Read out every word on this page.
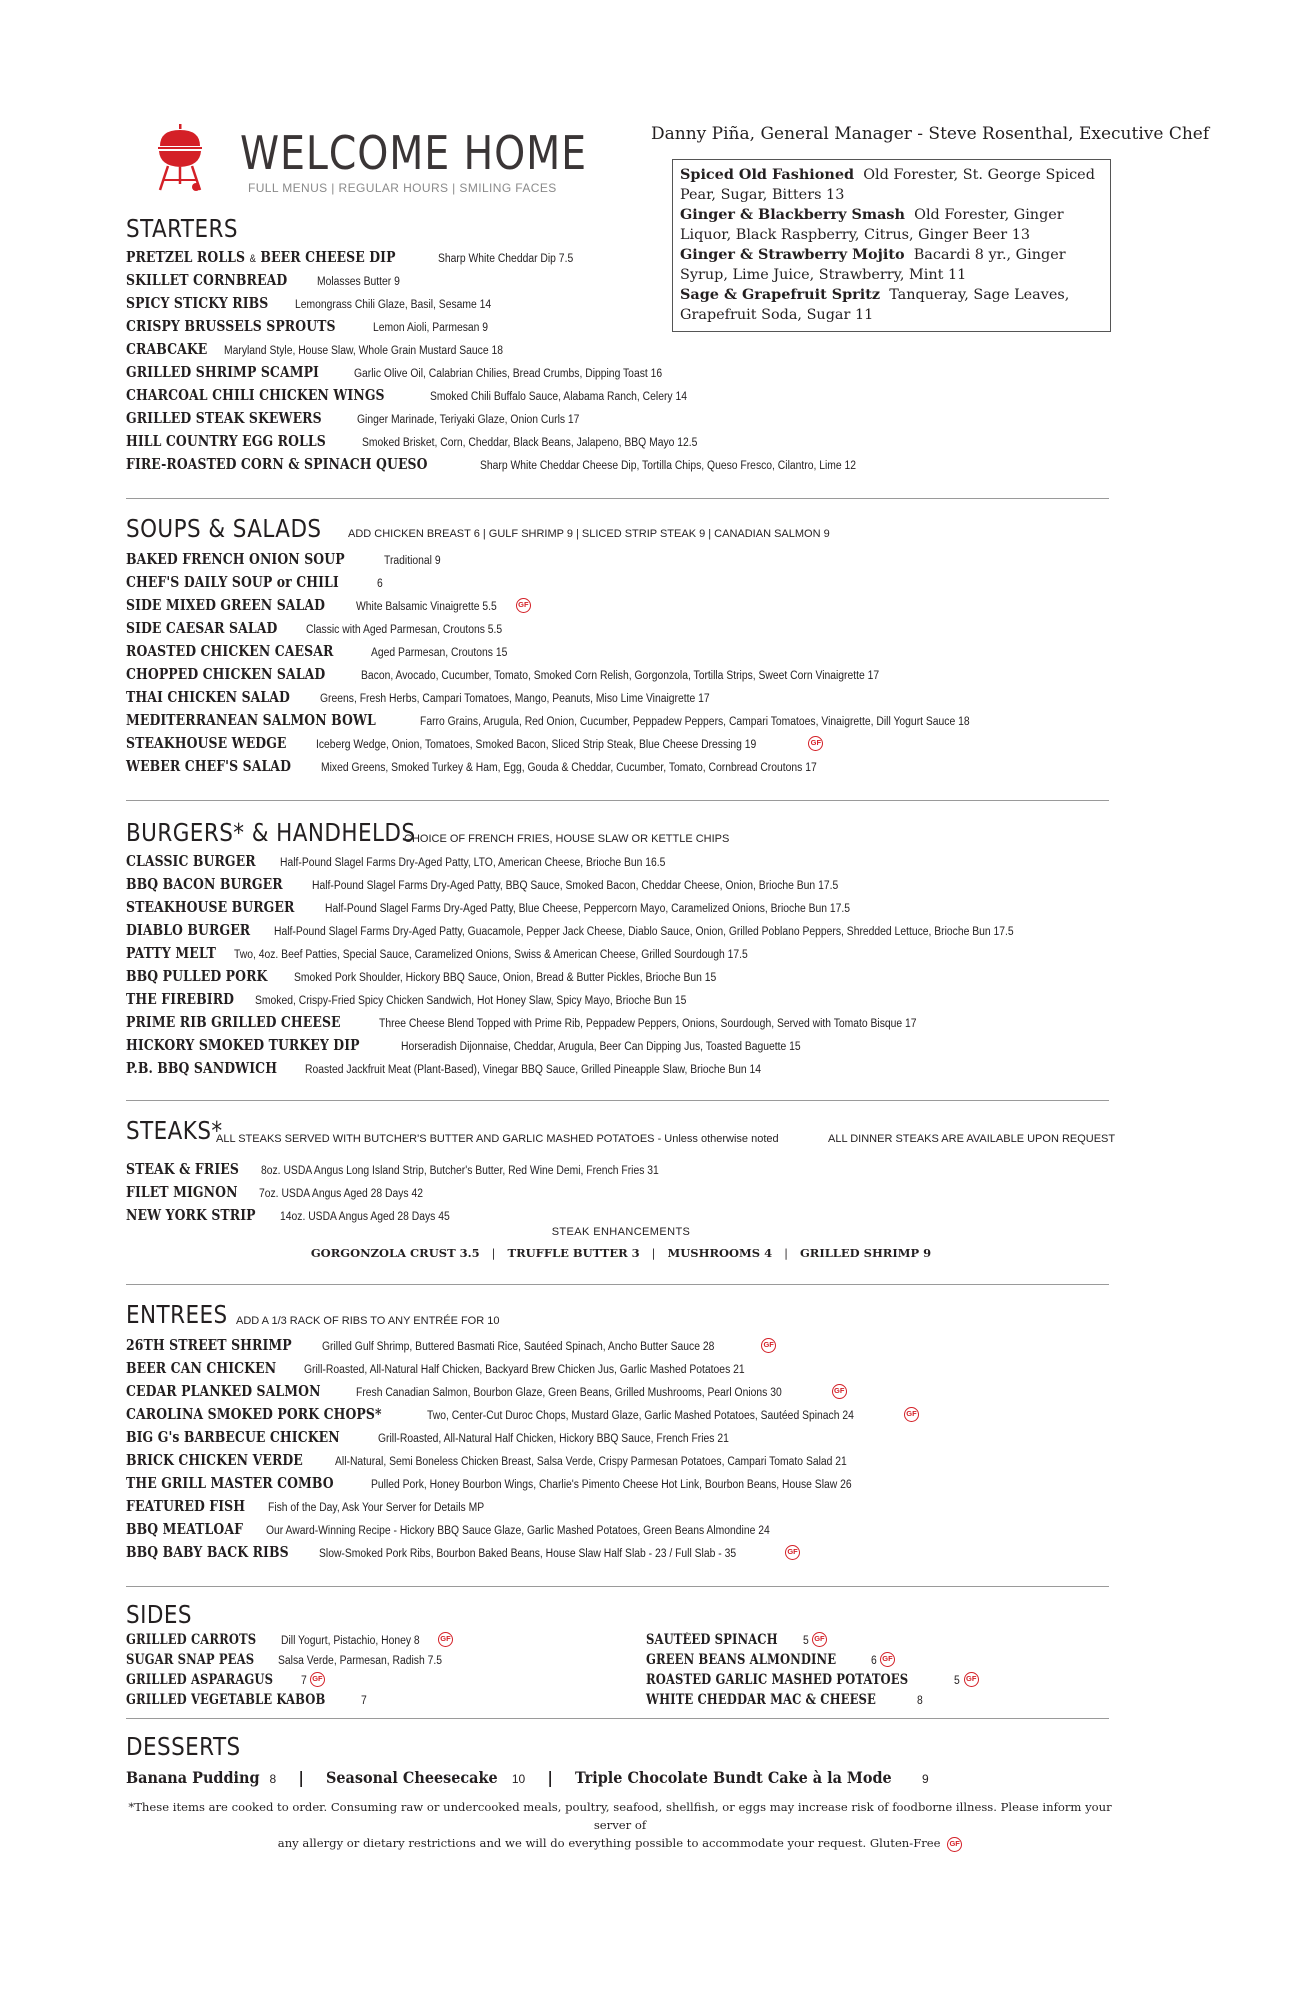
WELCOME HOME
FULL MENUS | REGULAR HOURS | SMILING FACES
Danny Piña, General Manager - Steve Rosenthal, Executive Chef
Spiced Old Fashioned Old Forester, St. George Spiced Pear, Sugar, Bitters 13
Ginger & Blackberry Smash Old Forester, Ginger Liquor, Black Raspberry, Citrus, Ginger Beer 13
Ginger & Strawberry Mojito Bacardi 8 yr., Ginger Syrup, Lime Juice, Strawberry, Mint 11
Sage & Grapefruit Spritz Tanqueray, Sage Leaves, Grapefruit Soda, Sugar 11
STARTERS
PRETZEL ROLLS & BEER CHEESE DIP	Sharp White Cheddar Dip 7.5
SKILLET CORNBREAD	Molasses Butter 9
SPICY STICKY RIBS Lemongrass Chili Glaze, Basil, Sesame 14
CRISPY BRUSSELS SPROUTS	Lemon Aioli, Parmesan 9
CRABCAKE Maryland Style, House Slaw, Whole Grain Mustard Sauce 18
GRILLED SHRIMP SCAMPI	Garlic Olive Oil, Calabrian Chilies, Bread Crumbs, Dipping Toast 16
CHARCOAL CHILI CHICKEN WINGS	Smoked Chili Buffalo Sauce, Alabama Ranch, Celery 14
GRILLED STEAK SKEWERS	Ginger Marinade, Teriyaki Glaze, Onion Curls 17
HILL COUNTRY EGG ROLLS	Smoked Brisket, Corn, Cheddar, Black Beans, Jalapeno, BBQ Mayo 12.5
FIRE-ROASTED CORN & SPINACH QUESO	Sharp White Cheddar Cheese Dip, Tortilla Chips, Queso Fresco, Cilantro, Lime 12
SOUPS & SALADS ADD CHICKEN BREAST 6 | GULF SHRIMP 9 | SLICED STRIP STEAK 9 | CANADIAN SALMON 9
BAKED FRENCH ONION SOUP	Traditional 9
CHEF'S DAILY SOUP or CHILI	6
SIDE MIXED GREEN SALAD	White Balsamic Vinaigrette 5.5	GF
SIDE CAESAR SALAD Classic with Aged Parmesan, Croutons 5.5
ROASTED CHICKEN CAESAR	Aged Parmesan, Croutons 15
CHOPPED CHICKEN SALAD	Bacon, Avocado, Cucumber, Tomato, Smoked Corn Relish, Gorgonzola, Tortilla Strips, Sweet Corn Vinaigrette 17
THAI CHICKEN SALAD	Greens, Fresh Herbs, Campari Tomatoes, Mango, Peanuts, Miso Lime Vinaigrette 17
MEDITERRANEAN SALMON BOWL	Farro Grains, Arugula, Red Onion, Cucumber, Peppadew Peppers, Campari Tomatoes, Vinaigrette, Dill Yogurt Sauce 18
STEAKHOUSE WEDGE	Iceberg Wedge, Onion, Tomatoes, Smoked Bacon, Sliced Strip Steak, Blue Cheese Dressing 19	GF
WEBER CHEF'S SALAD	Mixed Greens, Smoked Turkey & Ham, Egg, Gouda & Cheddar, Cucumber, Tomato, Cornbread Croutons 17
BURGERS* & HANDHELDS
CHOICE OF FRENCH FRIES, HOUSE SLAW OR KETTLE CHIPS
CLASSIC BURGER Half-Pound Slagel Farms Dry-Aged Patty, LTO, American Cheese, Brioche Bun 16.5
BBQ BACON BURGER	Half-Pound Slagel Farms Dry-Aged Patty, BBQ Sauce, Smoked Bacon, Cheddar Cheese, Onion, Brioche Bun 17.5
STEAKHOUSE BURGER	Half-Pound Slagel Farms Dry-Aged Patty, Blue Cheese, Peppercorn Mayo, Caramelized Onions, Brioche Bun 17.5
DIABLO BURGER Half-Pound Slagel Farms Dry-Aged Patty, Guacamole, Pepper Jack Cheese, Diablo Sauce, Onion, Grilled Poblano Peppers, Shredded Lettuce, Brioche Bun 17.5
PATTY MELT Two, 4oz. Beef Patties, Special Sauce, Caramelized Onions, Swiss & American Cheese, Grilled Sourdough 17.5
BBQ PULLED PORK Smoked Pork Shoulder, Hickory BBQ Sauce, Onion, Bread & Butter Pickles, Brioche Bun 15
THE FIREBIRD Smoked, Crispy-Fried Spicy Chicken Sandwich, Hot Honey Slaw, Spicy Mayo, Brioche Bun 15
PRIME RIB GRILLED CHEESE	Three Cheese Blend Topped with Prime Rib, Peppadew Peppers, Onions, Sourdough, Served with Tomato Bisque 17
HICKORY SMOKED TURKEY DIP	Horseradish Dijonnaise, Cheddar, Arugula, Beer Can Dipping Jus, Toasted Baguette 15
P.B. BBQ SANDWICH Roasted Jackfruit Meat (Plant-Based), Vinegar BBQ Sauce, Grilled Pineapple Slaw, Brioche Bun 14
STEAKS*
ALL STEAKS SERVED WITH BUTCHER'S BUTTER AND GARLIC MASHED POTATOES - Unless otherwise noted	ALL DINNER STEAKS ARE AVAILABLE UPON REQUEST
STEAK & FRIES 8oz. USDA Angus Long Island Strip, Butcher's Butter, Red Wine Demi, French Fries 31
FILET MIGNON 7oz. USDA Angus Aged 28 Days 42
NEW YORK STRIP 14oz. USDA Angus Aged 28 Days 45
STEAK ENHANCEMENTS
GORGONZOLA CRUST 3.5 | TRUFFLE BUTTER 3 | MUSHROOMS 4 | GRILLED SHRIMP 9
ENTREES ADD A 1/3 RACK OF RIBS TO ANY ENTRÉE FOR 10
26TH STREET SHRIMP	Grilled Gulf Shrimp, Buttered Basmati Rice, Sautéed Spinach, Ancho Butter Sauce 28	GF
BEER CAN CHICKEN Grill-Roasted, All-Natural Half Chicken, Backyard Brew Chicken Jus, Garlic Mashed Potatoes 21
CEDAR PLANKED SALMON	Fresh Canadian Salmon, Bourbon Glaze, Green Beans, Grilled Mushrooms, Pearl Onions 30	GF
CAROLINA SMOKED PORK CHOPS*	Two, Center-Cut Duroc Chops, Mustard Glaze, Garlic Mashed Potatoes, Sautéed Spinach 24	GF
BIG G's BARBECUE CHICKEN	Grill-Roasted, All-Natural Half Chicken, Hickory BBQ Sauce, French Fries 21
BRICK CHICKEN VERDE	All-Natural, Semi Boneless Chicken Breast, Salsa Verde, Crispy Parmesan Potatoes, Campari Tomato Salad 21
THE GRILL MASTER COMBO	Pulled Pork, Honey Bourbon Wings, Charlie's Pimento Cheese Hot Link, Bourbon Beans, House Slaw 26
FEATURED FISH Fish of the Day, Ask Your Server for Details MP
BBQ MEATLOAF Our Award-Winning Recipe - Hickory BBQ Sauce Glaze, Garlic Mashed Potatoes, Green Beans Almondine 24
BBQ BABY BACK RIBS	Slow-Smoked Pork Ribs, Bourbon Baked Beans, House Slaw Half Slab - 23 / Full Slab - 35	GF
SIDES
GRILLED CARROTS Dill Yogurt, Pistachio, Honey 8	GF
SUGAR SNAP PEAS Salsa Verde, Parmesan, Radish 7.5
GRILLED ASPARAGUS 7 GF
GRILLED VEGETABLE KABOB	7
SAUTÉED SPINACH 5 GF
GREEN BEANS ALMONDINE	6 GF
ROASTED GARLIC MASHED POTATOES	5 GF
WHITE CHEDDAR MAC & CHEESE	8
DESSERTS
Banana Pudding 8 | Seasonal Cheesecake 10 | Triple Chocolate Bundt Cake à la Mode	9
*These items are cooked to order. Consuming raw or undercooked meals, poultry, seafood, shellfish, or eggs may increase risk of foodborne illness. Please inform your server of
any allergy or dietary restrictions and we will do everything possible to accommodate your request. Gluten-Free GF
